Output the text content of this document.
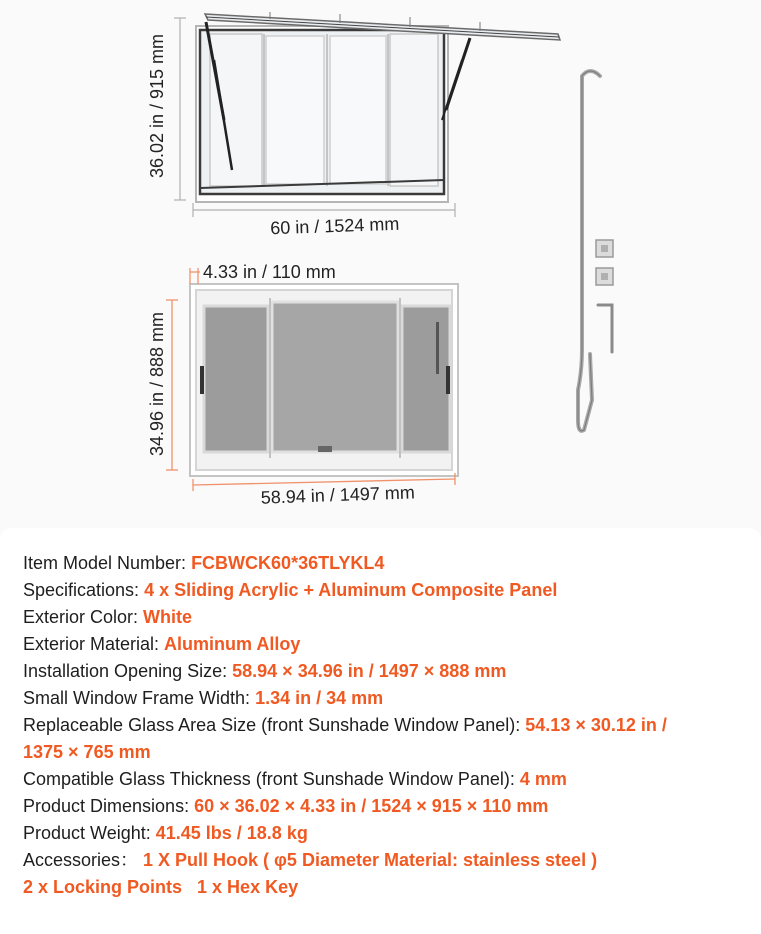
36.02 in / 915 mm
60 in / 1524 mm
4.33 in / 110 mm
34.96 in / 888 mm
58.94 in / 1497 mm
Item Model Number: FCBWCK60*36TLYKL4
Specifications: 4 x Sliding Acrylic + Aluminum Composite Panel
Exterior Color: White
Exterior Material: Aluminum Alloy
Installation Opening Size: 58.94 × 34.96 in / 1497 × 888 mm
Small Window Frame Width: 1.34 in / 34 mm
Replaceable Glass Area Size (front Sunshade Window Panel): 54.13 × 30.12 in /
1375 × 765 mm
Compatible Glass Thickness (front Sunshade Window Panel): 4 mm
Product Dimensions: 60 × 36.02 × 4.33 in / 1524 × 915 × 110 mm
Product Weight: 41.45 lbs / 18.8 kg
Accessories： 1 X Pull Hook ( φ5 Diameter Material: stainless steel )
2 x Locking Points   1 x Hex Key
